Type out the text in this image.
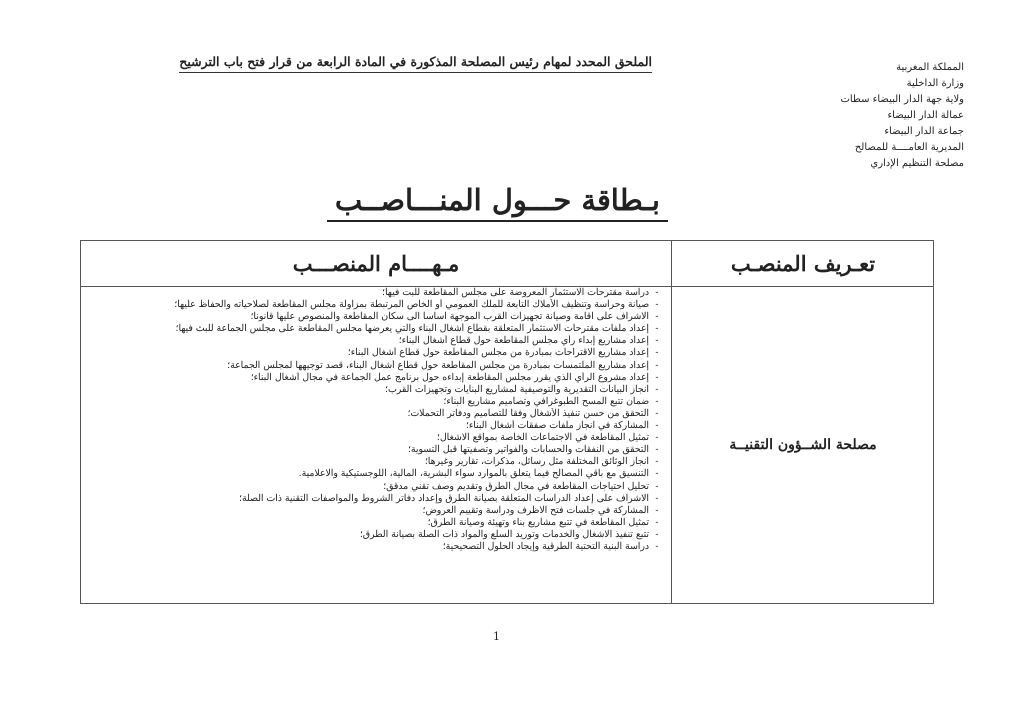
المملكة المغربية
وزارة الداخلية
ولاية جهة الدار البيضاء سطات
عمالة الدار البيضاء
جماعة الدار البيضاء
المديرية العامــــة للمصالح
مصلحة التنظيم الإداري
الملحق المحدد لمهام رئيس المصلحة المذكورة في المادة الرابعة من قرار فتح باب الترشيح
بـطاقة حـــول المنـــاصــب
تعـريف المنصـب
مـهــــام المنصـــب
مصلحة الشــؤون التقنيــة
-دراسة مقترحات الاستثمار المعروضة على مجلس المقاطعة للبت فيها؛
-صيانة وحراسة وتنظيف الأملاك التابعة للملك العمومي أو الخاص المرتبطة بمزاولة مجلس المقاطعة لصلاحياته والحفاظ عليها؛
-الاشراف على اقامة وصيانة تجهيزات القرب الموجهة اساسا الى سكان المقاطعة والمنصوص عليها قانونا؛
-إعداد ملفات مقترحات الاستثمار المتعلقة بقطاع أشغال البناء والتي يعرضها مجلس المقاطعة على مجلس الجماعة للبث فيها؛
-إعداد مشاريع إبداء رأي مجلس المقاطعة حول قطاع أشغال البناء؛
-إعداد مشاريع الاقتراحات بمبادرة من مجلس المقاطعة حول قطاع أشغال البناء؛
-إعداد مشاريع الملتمسات بمبادرة من مجلس المقاطعة حول قطاع أشغال البناء، قصد توجيهها لمجلس الجماعة؛
-إعداد مشروع الرأي الذي يقرر مجلس المقاطعة إبداءه حول برنامج عمل الجماعة في مجال أشغال البناء؛
-انجاز البيانات التقديرية والتوصيفية لمشاريع البنايات وتجهيزات القرب؛
-ضمان تتبع المسح الطبوغرافي وتصاميم مشاريع البناء؛
-التحقق من حسن تنفيذ الأشغال وفقا للتصاميم ودفاتر التحملات؛
-المشاركة في انجاز ملفات صفقات أشغال البناء؛
-تمثيل المقاطعة في الاجتماعات الخاصة بمواقع الاشغال؛
-التحقق من النفقات والحسابات والفواتير وتصفيتها قبل التسوية؛
-انجاز الوثائق المختلفة مثل رسائل، مذكرات، تقارير وغيرها؛
-التنسيق مع باقي المصالح فيما يتعلق بالموارد سواء البشرية، المالية، اللوجستيكية والاعلامية.
-تحليل احتياجات المقاطعة في مجال الطرق وتقديم وصف تقني مدقق؛
-الاشراف على إعداد الدراسات المتعلقة بصيانة الطرق وإعداد دفاتر الشروط والمواصفات التقنية ذات الصلة؛
-المشاركة في جلسات فتح الاظرف ودراسة وتقييم العروض؛
-تمثيل المقاطعة في تتبع مشاريع بناء وتهيئة وصيانة الطرق؛
-تتبع تنفيذ الاشغال والخدمات وتوريد السلع والمواد ذات الصلة بصيانة الطرق؛
-دراسة البنية التحتية الطرقية وإيجاد الحلول التصحيحية؛
1
